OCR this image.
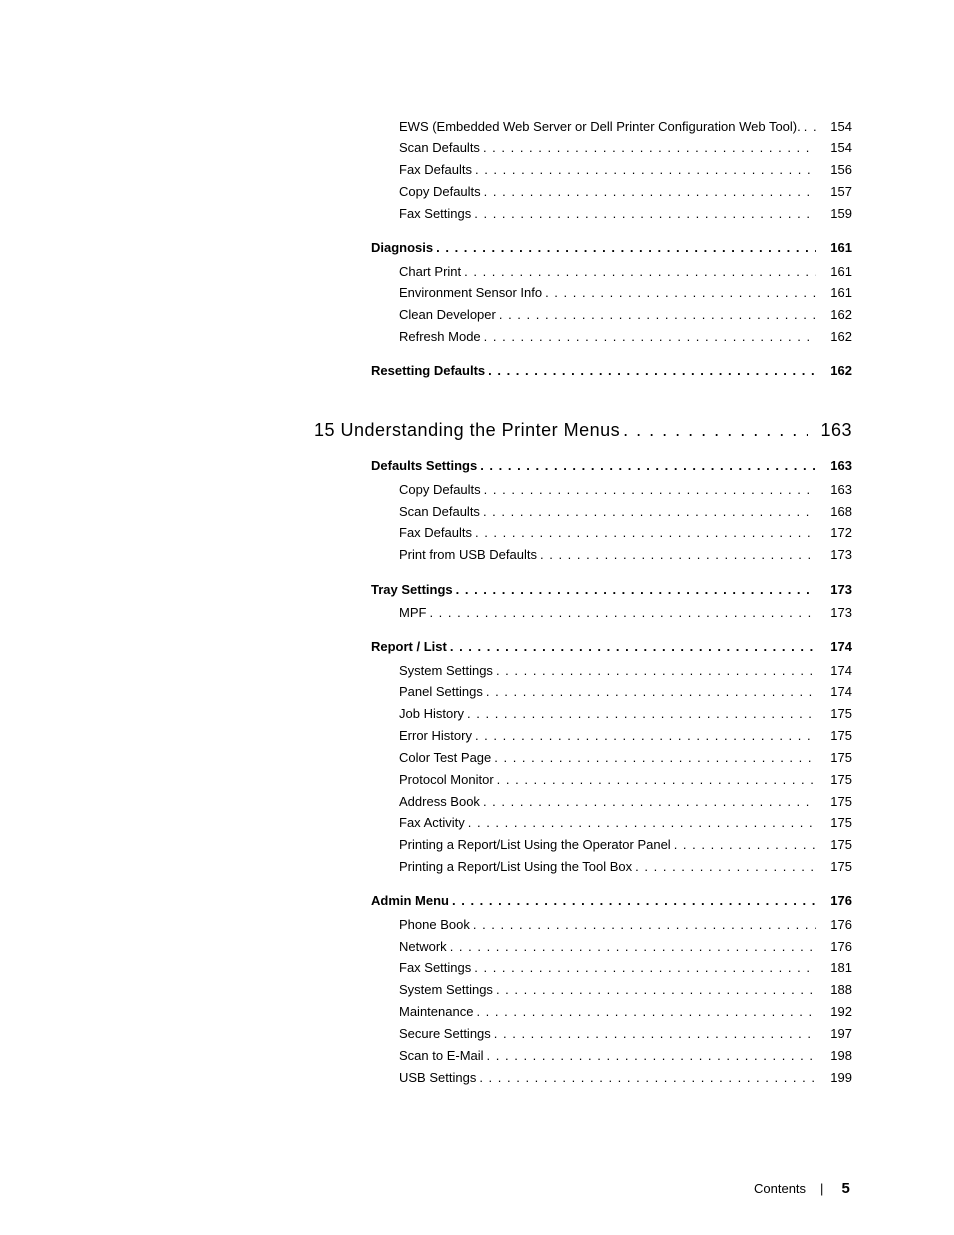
EWS (Embedded Web Server or Dell Printer Configuration Web Tool). . . .	154
Scan Defaults . . .	154
Fax Defaults . . .	156
Copy Defaults . . .	157
Fax Settings . . .	159
Diagnosis . . .	161
Chart Print . . .	161
Environment Sensor Info . . .	161
Clean Developer . . .	162
Refresh Mode . . .	162
Resetting Defaults . . .	162
15 Understanding the Printer Menus . . .	163
Defaults Settings . . .	163
Copy Defaults . . .	163
Scan Defaults . . .	168
Fax Defaults . . .	172
Print from USB Defaults . . .	173
Tray Settings . . .	173
MPF . . .	173
Report / List . . .	174
System Settings . . .	174
Panel Settings . . .	174
Job History . . .	175
Error History . . .	175
Color Test Page . . .	175
Protocol Monitor . . .	175
Address Book . . .	175
Fax Activity . . .	175
Printing a Report/List Using the Operator Panel . . .	175
Printing a Report/List Using the Tool Box . . .	175
Admin Menu . . .	176
Phone Book . . .	176
Network . . .	176
Fax Settings . . .	181
System Settings . . .	188
Maintenance . . .	192
Secure Settings . . .	197
Scan to E-Mail . . .	198
USB Settings . . .	199
Contents | 5
